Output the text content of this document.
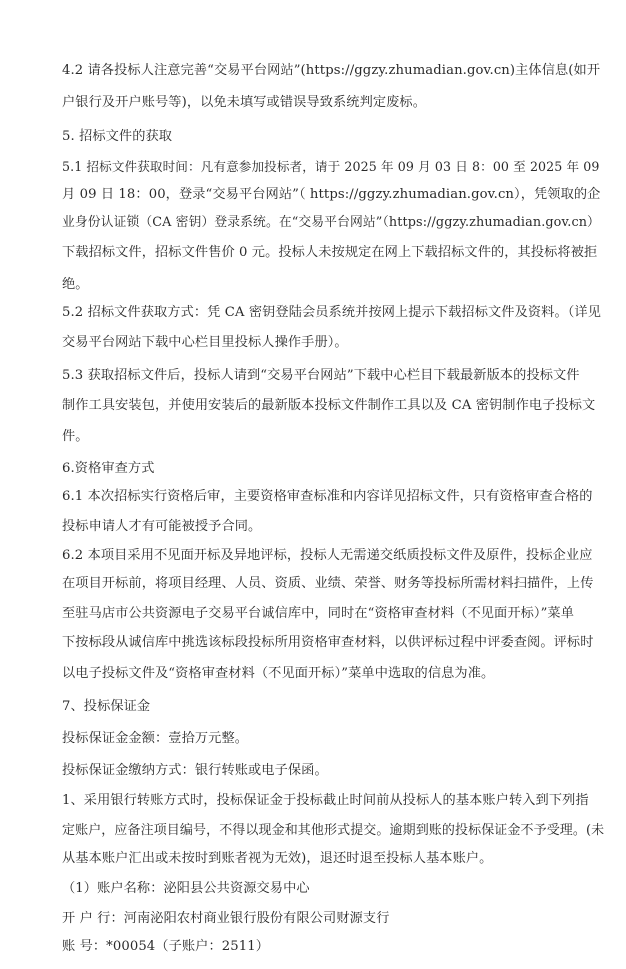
4.2 请各投标人注意完善“交易平台网站”(https://ggzy.zhumadian.gov.cn)主体信息(如开
户银行及开户账号等)，以免未填写或错误导致系统判定废标。
5. 招标文件的获取
5.1 招标文件获取时间：凡有意参加投标者，请于 2025 年 09 月 03 日 8：00 至 2025 年 09
月 09 日 18：00，登录“交易平台网站”（ https://ggzy.zhumadian.gov.cn），凭领取的企
业身份认证锁（CA 密钥）登录系统。在“交易平台网站”（https://ggzy.zhumadian.gov.cn）
下载招标文件，招标文件售价 0 元。投标人未按规定在网上下载招标文件的，其投标将被拒
绝。
5.2 招标文件获取方式：凭 CA 密钥登陆会员系统并按网上提示下载招标文件及资料。（详见
交易平台网站下载中心栏目里投标人操作手册）。
5.3 获取招标文件后，投标人请到“交易平台网站”下载中心栏目下载最新版本的投标文件
制作工具安装包，并使用安装后的最新版本投标文件制作工具以及 CA 密钥制作电子投标文
件。
6.资格审查方式
6.1 本次招标实行资格后审，主要资格审查标准和内容详见招标文件，只有资格审查合格的
投标申请人才有可能被授予合同。
6.2 本项目采用不见面开标及异地评标，投标人无需递交纸质投标文件及原件，投标企业应
在项目开标前，将项目经理、人员、资质、业绩、荣誉、财务等投标所需材料扫描件，上传
至驻马店市公共资源电子交易平台诚信库中，同时在“资格审查材料（不见面开标）”菜单
下按标段从诚信库中挑选该标段投标所用资格审查材料，以供评标过程中评委查阅。评标时
以电子投标文件及“资格审查材料（不见面开标）”菜单中选取的信息为准。
7、投标保证金
投标保证金金额：壹拾万元整。
投标保证金缴纳方式：银行转账或电子保函。
1、采用银行转账方式时，投标保证金于投标截止时间前从投标人的基本账户转入到下列指
定账户，应备注项目编号，不得以现金和其他形式提交。逾期到账的投标保证金不予受理。(未
从基本账户汇出或未按时到账者视为无效)，退还时退至投标人基本账户。
（1）账户名称：泌阳县公共资源交易中心
开 户 行：河南泌阳农村商业银行股份有限公司财源支行
账 号：*00054（子账户：2511）
